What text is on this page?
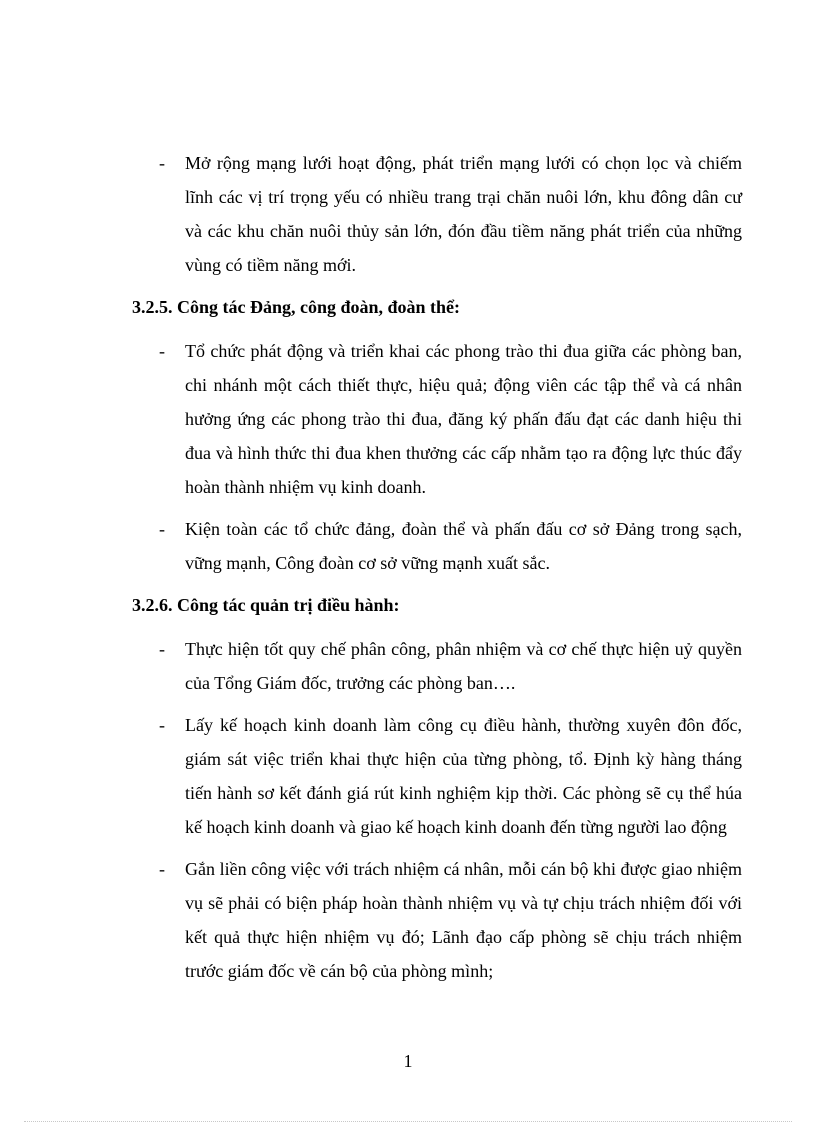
- Mở rộng mạng lưới hoạt động, phát triển mạng lưới có chọn lọc và chiếm lĩnh các vị trí trọng yếu có nhiều trang trại chăn nuôi lớn, khu đông dân cư và các khu chăn nuôi thủy sản lớn, đón đầu tiềm năng phát triển của những vùng có tiềm năng mới.
3.2.5. Công tác Đảng, công đoàn, đoàn thể:
- Tổ chức phát động và triển khai các phong trào thi đua giữa các phòng ban, chi nhánh một cách thiết thực, hiệu quả; động viên các tập thể và cá nhân hưởng ứng các phong trào thi đua, đăng ký phấn đấu đạt các danh hiệu thi đua và hình thức thi đua khen thưởng các cấp nhằm tạo ra động lực thúc đẩy hoàn thành nhiệm vụ kinh doanh.
- Kiện toàn các tổ chức đảng, đoàn thể và phấn đấu cơ sở Đảng trong sạch, vững mạnh, Công đoàn cơ sở vững mạnh xuất sắc.
3.2.6. Công tác quản trị điều hành:
- Thực hiện tốt quy chế phân công, phân nhiệm và cơ chế thực hiện uỷ quyền của Tổng Giám đốc, trưởng các phòng ban….
- Lấy kế hoạch kinh doanh làm công cụ điều hành, thường xuyên đôn đốc, giám sát việc triển khai thực hiện của từng phòng, tổ. Định kỳ hàng tháng tiến hành sơ kết đánh giá rút kinh nghiệm kịp thời. Các phòng sẽ cụ thể húa kế hoạch kinh doanh và giao kế hoạch kinh doanh đến từng người lao động
- Gắn liền công việc với trách nhiệm cá nhân, mỗi cán bộ khi được giao nhiệm vụ sẽ phải có biện pháp hoàn thành nhiệm vụ và tự chịu trách nhiệm đối với kết quả thực hiện nhiệm vụ đó; Lãnh đạo cấp phòng sẽ chịu trách nhiệm trước giám đốc về cán bộ của phòng mình;
1
